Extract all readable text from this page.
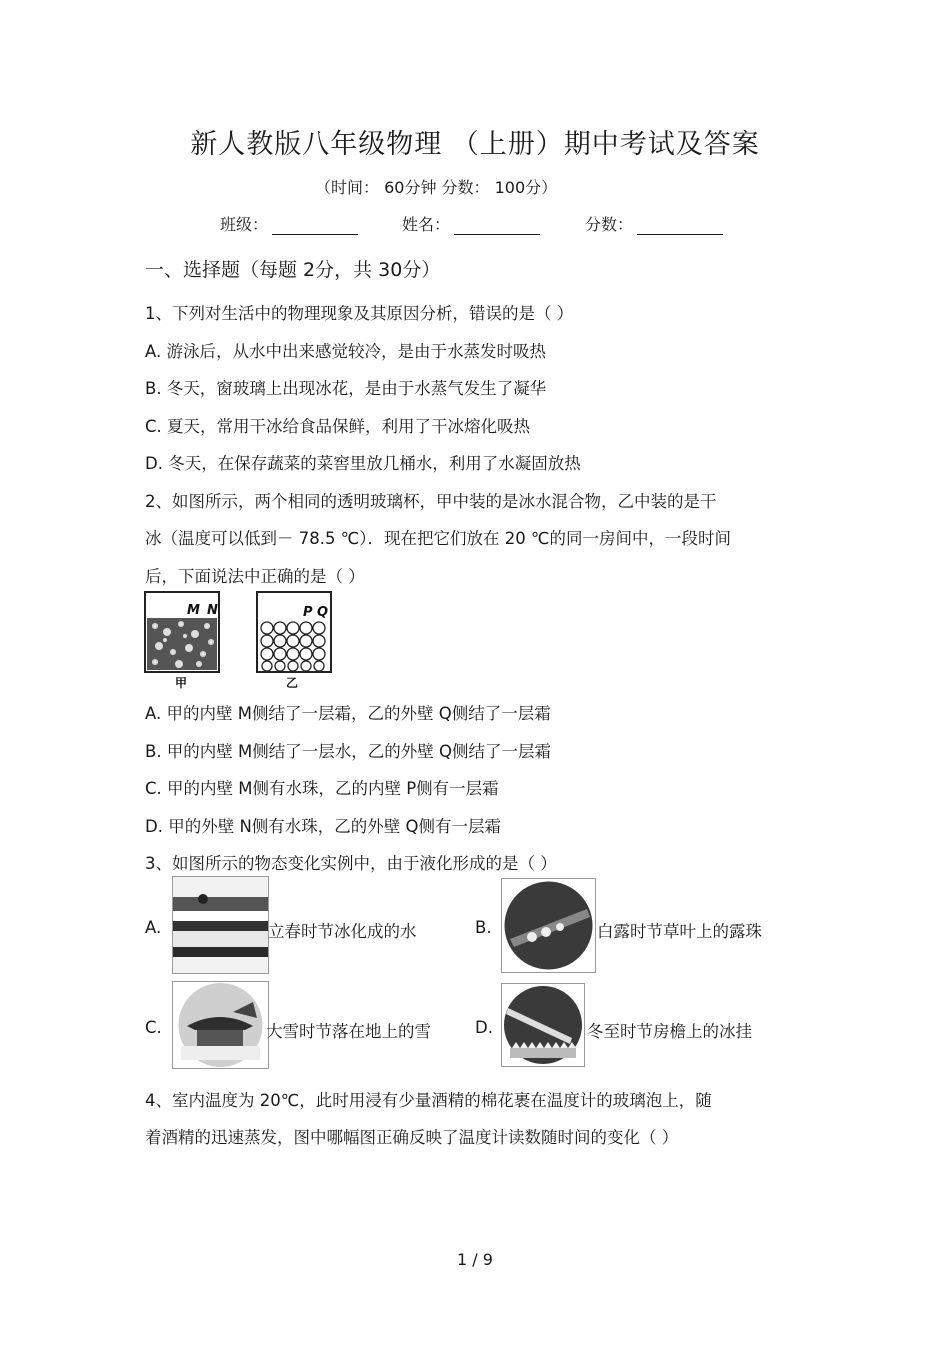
新人教版八年级物理 （上册）期中考试及答案
（时间： 60分钟 分数： 100分）
班级：	姓名：	分数：
一、选择题（每题 2分，共 30分）
1、下列对生活中的物理现象及其原因分析，错误的是（ ）
A. 游泳后，从水中出来感觉较冷，是由于水蒸发时吸热
B. 冬天，窗玻璃上出现冰花，是由于水蒸气发生了凝华
C. 夏天，常用干冰给食品保鲜，利用了干冰熔化吸热
D. 冬天，在保存蔬菜的菜窖里放几桶水，利用了水凝固放热
2、如图所示，两个相同的透明玻璃杯，甲中装的是冰水混合物，乙中装的是干
冰（温度可以低到－ 78.5 ℃）．现在把它们放在 20 ℃的同一房间中，一段时间
后，下面说法中正确的是（ ）
M N
甲
P Q
乙
A. 甲的内壁 M侧结了一层霜，乙的外壁 Q侧结了一层霜
B. 甲的内壁 M侧结了一层水，乙的外壁 Q侧结了一层霜
C. 甲的内壁 M侧有水珠，乙的内壁 P侧有一层霜
D. 甲的外壁 N侧有水珠，乙的外壁 Q侧有一层霜
3、如图所示的物态变化实例中，由于液化形成的是（ ）
A.	立春时节冰化成的水	B.	白露时节草叶上的露珠
C.	大雪时节落在地上的雪	D.	冬至时节房檐上的冰挂
4、室内温度为 20℃，此时用浸有少量酒精的棉花裹在温度计的玻璃泡上，随
着酒精的迅速蒸发，图中哪幅图正确反映了温度计读数随时间的变化（ ）
1 / 9
